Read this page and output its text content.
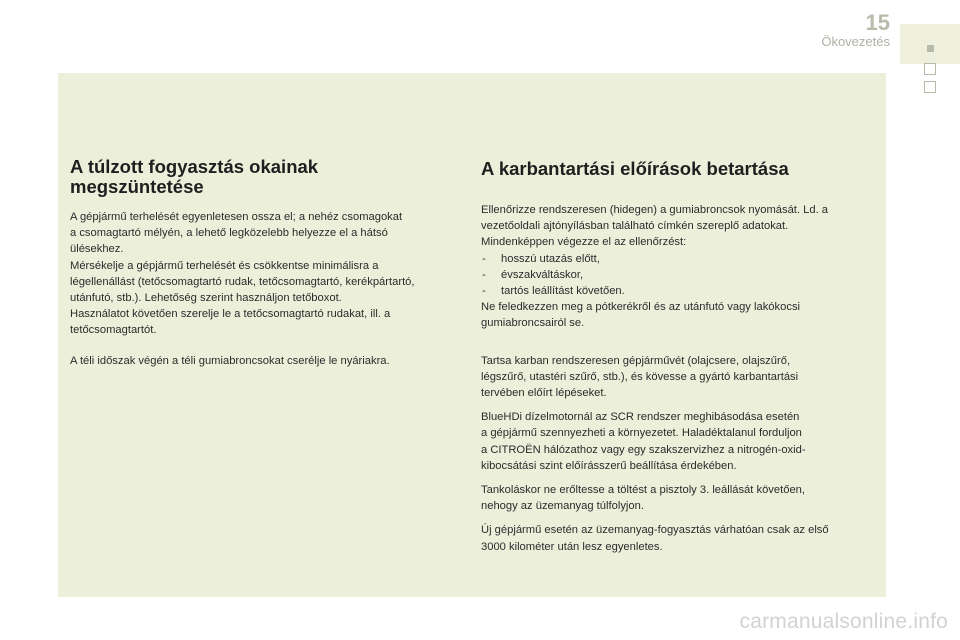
15
Ökovezetés
A túlzott fogyasztás okainak
megszüntetése

A gépjármű terhelését egyenletesen ossza el; a nehéz csomagokat
a csomagtartó mélyén, a lehető legközelebb helyezze el a hátsó
ülésekhez.
Mérsékelje a gépjármű terhelését és csökkentse minimálisra a
légellenállást (tetőcsomagtartó rudak, tetőcsomagtartó, kerékpártartó,
utánfutó, stb.). Lehetőség szerint használjon tetőboxot.
Használatot követően szerelje le a tetőcsomagtartó rudakat, ill. a
tetőcsomagtartót.

A téli időszak végén a téli gumiabroncsokat cserélje le nyáriakra.

A karbantartási előírások betartása

Ellenőrizze rendszeresen (hidegen) a gumiabroncsok nyomását. Ld. a
vezetőoldali ajtónyílásban található címkén szereplő adatokat.
Mindenképpen végezze el az ellenőrzést:

- hosszú utazás előtt,
- évszakváltáskor,
- tartós leállítást követően.

Ne feledkezzen meg a pótkerékről és az utánfutó vagy lakókocsi
gumiabroncsairól se.

Tartsa karban rendszeresen gépjárművét (olajcsere, olajszűrő,
légszűrő, utastéri szűrő, stb.), és kövesse a gyártó karbantartási
tervében előírt lépéseket.

BlueHDi dízelmotornál az SCR rendszer meghibásodása esetén
a gépjármű szennyezheti a környezetet. Haladéktalanul forduljon
a CITROËN hálózathoz vagy egy szakszervizhez a nitrogén-oxid-
kibocsátási szint előírásszerű beállítása érdekében.

Tankoláskor ne erőltesse a töltést a pisztoly 3. leállását követően,
nehogy az üzemanyag túlfolyjon.

Új gépjármű esetén az üzemanyag-fogyasztás várhatóan csak az első
3000 kilométer után lesz egyenletes.

carmanualsonline.info
